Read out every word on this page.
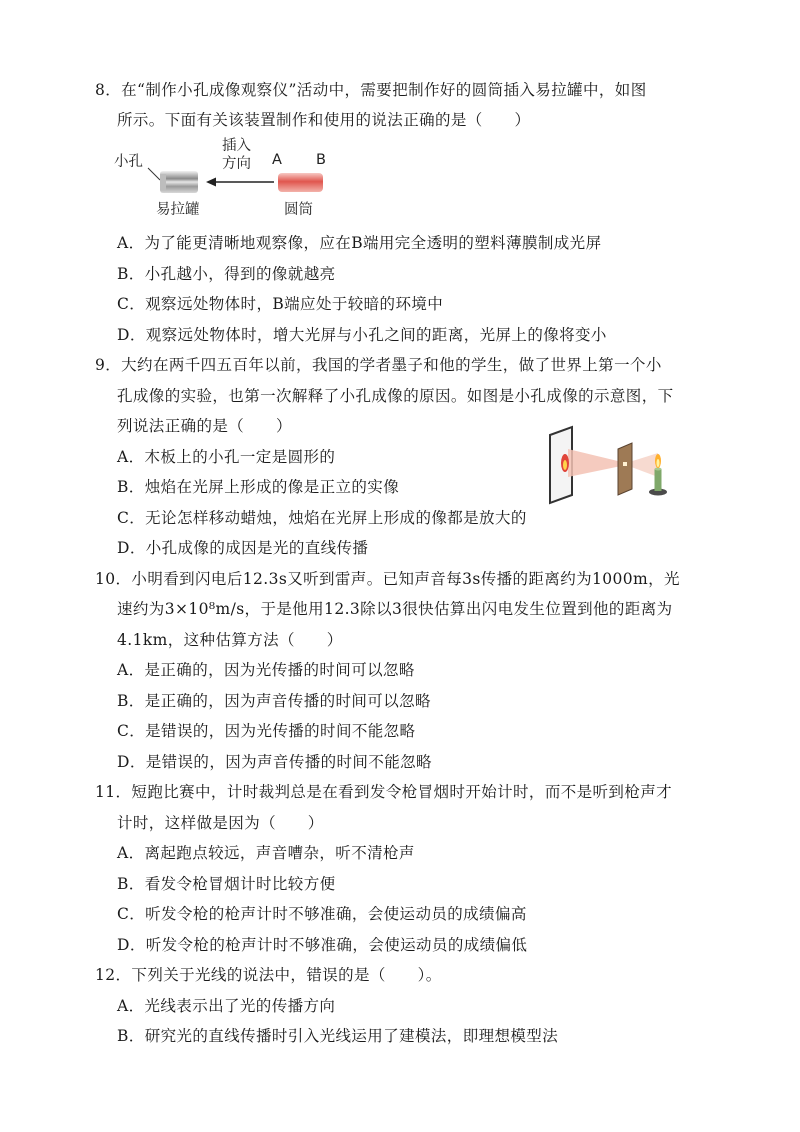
8．在“制作小孔成像观察仪”活动中，需要把制作好的圆筒插入易拉罐中，如图
所示。下面有关该装置制作和使用的说法正确的是（　　）
小孔
插入
方向 A B
易拉罐	圆筒
A．为了能更清晰地观察像，应在B端用完全透明的塑料薄膜制成光屏
B．小孔越小，得到的像就越亮
C．观察远处物体时，B端应处于较暗的环境中
D．观察远处物体时，增大光屏与小孔之间的距离，光屏上的像将变小
9．大约在两千四五百年以前，我国的学者墨子和他的学生，做了世界上第一个小
孔成像的实验，也第一次解释了小孔成像的原因。如图是小孔成像的示意图，下
列说法正确的是（　　）
A．木板上的小孔一定是圆形的
B．烛焰在光屏上形成的像是正立的实像
C．无论怎样移动蜡烛，烛焰在光屏上形成的像都是放大的
D．小孔成像的成因是光的直线传播
10．小明看到闪电后12.3s又听到雷声。已知声音每3s传播的距离约为1000m，光
速约为3×10⁸m/s，于是他用12.3除以3很快估算出闪电发生位置到他的距离为
4.1km，这种估算方法（　　）
A．是正确的，因为光传播的时间可以忽略
B．是正确的，因为声音传播的时间可以忽略
C．是错误的，因为光传播的时间不能忽略
D．是错误的，因为声音传播的时间不能忽略
11．短跑比赛中，计时裁判总是在看到发令枪冒烟时开始计时，而不是听到枪声才
计时，这样做是因为（　　）
A．离起跑点较远，声音嘈杂，听不清枪声
B．看发令枪冒烟计时比较方便
C．听发令枪的枪声计时不够准确，会使运动员的成绩偏高
D．听发令枪的枪声计时不够准确，会使运动员的成绩偏低
12．下列关于光线的说法中，错误的是（　　）。
A．光线表示出了光的传播方向
B．研究光的直线传播时引入光线运用了建模法，即理想模型法
